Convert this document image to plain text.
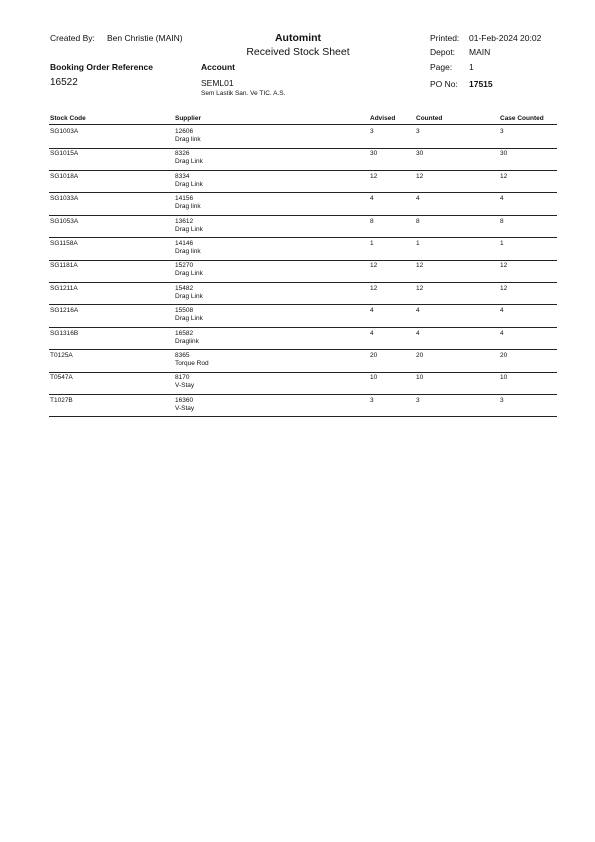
Created By: Ben Christie (MAIN)	Automint
Received Stock Sheet
Printed: 01-Feb-2024 20:02
Depot: MAIN
Page: 1
Booking Order Reference
16522
Account
SEML01
Sem Lastik San. Ve TIC. A.S.
PO No: 17515
Stock Code	Supplier	Advised	Counted	Case Counted
SG1003A	12606
Drag link
3	3	3
SG1015A	8326
Drag Link
30	30	30
SG1018A	8334
Drag Link
12	12	12
SG1033A	14156
Drag link
4	4	4
SG1053A	13612
Drag Link
8	8	8
SG1158A	14146
Drag link
1	1	1
SG1181A	15270
Drag Link
12	12	12
SG1211A	15482
Drag Link
12	12	12
SG1216A	15508
Drag Link
4	4	4
SG1316B	16582
Draglink
4	4	4
T0125A	8365
Torque Rod
20	20	20
T0547A	8170
V-Stay
10	10	10
T1027B	16360
V-Stay
3	3	3
